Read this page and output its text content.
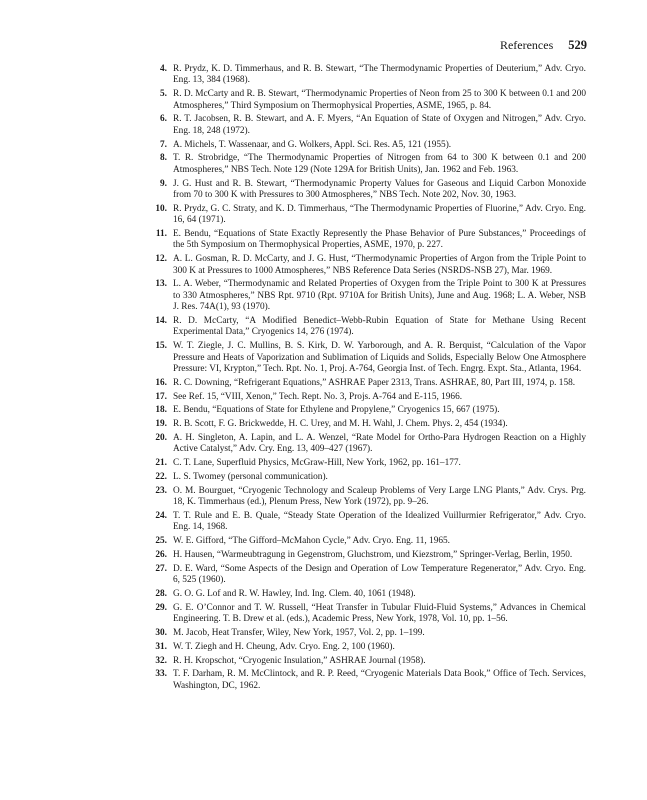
References 529
4. R. Prydz, K. D. Timmerhaus, and R. B. Stewart, “The Thermodynamic Properties of Deuterium,” Adv. Cryo. Eng. 13, 384 (1968).
5. R. D. McCarty and R. B. Stewart, “Thermodynamic Properties of Neon from 25 to 300 K between 0.1 and 200 Atmospheres,” Third Symposium on Thermophysical Properties, ASME, 1965, p. 84.
6. R. T. Jacobsen, R. B. Stewart, and A. F. Myers, “An Equation of State of Oxygen and Nitrogen,” Adv. Cryo. Eng. 18, 248 (1972).
7. A. Michels, T. Wassenaar, and G. Wolkers, Appl. Sci. Res. A5, 121 (1955).
8. T. R. Strobridge, “The Thermodynamic Properties of Nitrogen from 64 to 300 K between 0.1 and 200 Atmospheres,” NBS Tech. Note 129 (Note 129A for British Units), Jan. 1962 and Feb. 1963.
9. J. G. Hust and R. B. Stewart, “Thermodynamic Property Values for Gaseous and Liquid Carbon Monoxide from 70 to 300 K with Pressures to 300 Atmospheres,” NBS Tech. Note 202, Nov. 30, 1963.
10. R. Prydz, G. C. Straty, and K. D. Timmerhaus, “The Thermodynamic Properties of Fluorine,” Adv. Cryo. Eng. 16, 64 (1971).
11. E. Bendu, “Equations of State Exactly Represently the Phase Behavior of Pure Substances,” Proceedings of the 5th Symposium on Thermophysical Properties, ASME, 1970, p. 227.
12. A. L. Gosman, R. D. McCarty, and J. G. Hust, “Thermodynamic Properties of Argon from the Triple Point to 300 K at Pressures to 1000 Atmospheres,” NBS Reference Data Series (NSRDS-NSB 27), Mar. 1969.
13. L. A. Weber, “Thermodynamic and Related Properties of Oxygen from the Triple Point to 300 K at Pressures to 330 Atmospheres,” NBS Rpt. 9710 (Rpt. 9710A for British Units), June and Aug. 1968; L. A. Weber, NSB J. Res. 74A(1), 93 (1970).
14. R. D. McCarty, “A Modified Benedict–Webb-Rubin Equation of State for Methane Using Recent Experimental Data,” Cryogenics 14, 276 (1974).
15. W. T. Ziegle, J. C. Mullins, B. S. Kirk, D. W. Yarborough, and A. R. Berquist, “Calculation of the Vapor Pressure and Heats of Vaporization and Sublimation of Liquids and Solids, Especially Below One Atmosphere Pressure: VI, Krypton,” Tech. Rpt. No. 1, Proj. A-764, Georgia Inst. of Tech. Engrg. Expt. Sta., Atlanta, 1964.
16. R. C. Downing, “Refrigerant Equations,” ASHRAE Paper 2313, Trans. ASHRAE, 80, Part III, 1974, p. 158.
17. See Ref. 15, “VIII, Xenon,” Tech. Rept. No. 3, Projs. A-764 and E-115, 1966.
18. E. Bendu, “Equations of State for Ethylene and Propylene,” Cryogenics 15, 667 (1975).
19. R. B. Scott, F. G. Brickwedde, H. C. Urey, and M. H. Wahl, J. Chem. Phys. 2, 454 (1934).
20. A. H. Singleton, A. Lapin, and L. A. Wenzel, “Rate Model for Ortho-Para Hydrogen Reaction on a Highly Active Catalyst,” Adv. Cry. Eng. 13, 409–427 (1967).
21. C. T. Lane, Superfluid Physics, McGraw-Hill, New York, 1962, pp. 161–177.
22. L. S. Twomey (personal communication).
23. O. M. Bourguet, “Cryogenic Technology and Scaleup Problems of Very Large LNG Plants,” Adv. Crys. Prg. 18, K. Timmerhaus (ed.), Plenum Press, New York (1972), pp. 9–26.
24. T. T. Rule and E. B. Quale, “Steady State Operation of the Idealized Vuillurmier Refrigerator,” Adv. Cryo. Eng. 14, 1968.
25. W. E. Gifford, “The Gifford–McMahon Cycle,” Adv. Cryo. Eng. 11, 1965.
26. H. Hausen, “Warmeubtragung in Gegenstrom, Gluchstrom, und Kiezstrom,” Springer-Verlag, Berlin, 1950.
27. D. E. Ward, “Some Aspects of the Design and Operation of Low Temperature Regenerator,” Adv. Cryo. Eng. 6, 525 (1960).
28. G. O. G. Lof and R. W. Hawley, Ind. Ing. Clem. 40, 1061 (1948).
29. G. E. O’Connor and T. W. Russell, “Heat Transfer in Tubular Fluid-Fluid Systems,” Advances in Chemical Engineering. T. B. Drew et al. (eds.), Academic Press, New York, 1978, Vol. 10, pp. 1–56.
30. M. Jacob, Heat Transfer, Wiley, New York, 1957, Vol. 2, pp. 1–199.
31. W. T. Ziegh and H. Cheung, Adv. Cryo. Eng. 2, 100 (1960).
32. R. H. Kropschot, “Cryogenic Insulation,” ASHRAE Journal (1958).
33. T. F. Darham, R. M. McClintock, and R. P. Reed, “Cryogenic Materials Data Book,” Office of Tech. Services, Washington, DC, 1962.
